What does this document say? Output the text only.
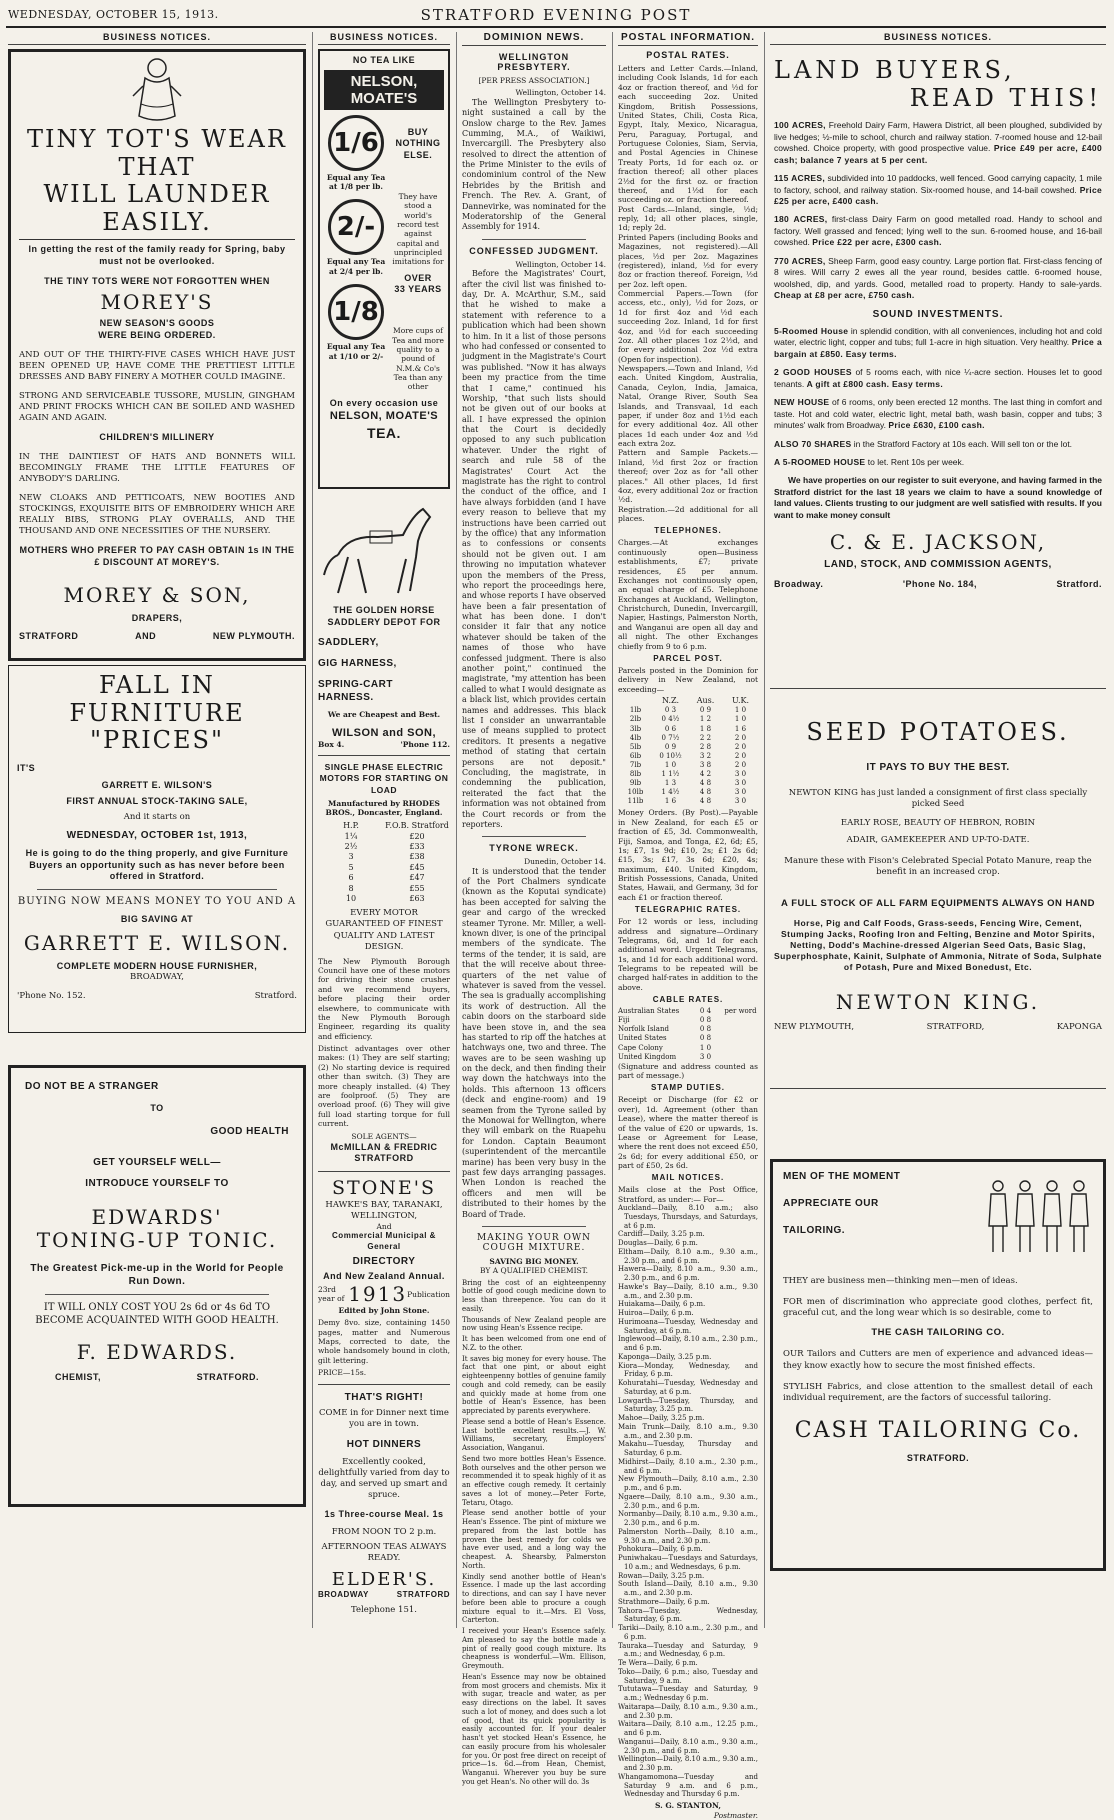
WEDNESDAY, OCTOBER 15, 1913.	STRATFORD EVENING POST
BUSINESS NOTICES.
TINY TOT'S WEAR THAT
WILL LAUNDER EASILY.
In getting the rest of the family ready for Spring, baby must not be overlooked.
THE TINY TOTS WERE NOT FORGOTTEN WHEN
MOREY'S
NEW SEASON'S GOODS
WERE BEING ORDERED.
AND OUT OF THE THIRTY-FIVE CASES WHICH HAVE JUST BEEN OPENED UP, HAVE COME THE PRETTIEST LITTLE DRESSES AND BABY FINERY A MOTHER COULD IMAGINE.
STRONG AND SERVICEABLE TUSSORE, MUSLIN, GINGHAM AND PRINT FROCKS WHICH CAN BE SOILED AND WASHED AGAIN AND AGAIN.
CHILDREN'S MILLINERY
IN THE DAINTIEST OF HATS AND BONNETS WILL BECOMINGLY FRAME THE LITTLE FEATURES OF ANYBODY'S DARLING.
NEW CLOAKS AND PETTICOATS, NEW BOOTIES AND STOCKINGS, EXQUISITE BITS OF EMBROIDERY WHICH ARE REALLY BIBS, STRONG PLAY OVERALLS, AND THE THOUSAND AND ONE NECESSITIES OF THE NURSERY.
MOTHERS WHO PREFER TO PAY CASH OBTAIN 1s IN THE £ DISCOUNT AT MOREY'S.
MOREY & SON,
DRAPERS,
STRATFORD	AND	NEW PLYMOUTH.
FALL IN FURNITURE
"PRICES"
IT'S
GARRETT E. WILSON'S
FIRST ANNUAL STOCK-TAKING SALE,
And it starts on
WEDNESDAY, OCTOBER 1st, 1913,
He is going to do the thing properly, and give Furniture Buyers an opportunity such as has never before been offered in Stratford.
BUYING NOW MEANS MONEY TO YOU AND A
BIG SAVING AT
GARRETT E. WILSON.
COMPLETE MODERN HOUSE FURNISHER,
BROADWAY,
'Phone No. 152.	Stratford.
DO NOT BE A STRANGER
TO
GOOD HEALTH
GET YOURSELF WELL—
INTRODUCE YOURSELF TO
EDWARDS'
TONING-UP TONIC.
The Greatest Pick-me-up in the World for People Run Down.
IT WILL ONLY COST YOU 2s 6d or 4s 6d TO BECOME ACQUAINTED WITH GOOD HEALTH.
F. EDWARDS.
CHEMIST,	STRATFORD.
BUSINESS NOTICES.
NO TEA LIKE
NELSON, MOATE'S
1/6
Equal any Tea at 1/8 per lb.
2/-
Equal any Tea at 2/4 per lb.
1/8
Equal any Tea at 1/10 or 2/-
BUY NOTHING ELSE.
They have stood a world's record test against capital and unprincipled imitations for
OVER
33 YEARS
More cups of Tea and more quality to a pound of N.M.& Co's Tea than any other
On every occasion use
NELSON, MOATE'S
TEA.
THE GOLDEN HORSE SADDLERY DEPOT FOR
SADDLERY,
GIG HARNESS,
SPRING-CART HARNESS.
We are Cheapest and Best.
WILSON and SON,
Box 4.	'Phone 112.
SINGLE PHASE ELECTRIC MOTORS FOR STARTING ON LOAD
Manufactured by RHODES BROS., Doncaster, England.
H.P.	F.O.B. Stratford
1¼	£20
2½	£33
3	£38
5	£45
6	£47
8	£55
10	£63
EVERY MOTOR GUARANTEED OF FINEST QUALITY AND LATEST DESIGN.
The New Plymouth Borough Council have one of these motors for driving their stone crusher and we recommend buyers, before placing their order elsewhere, to communicate with the New Plymouth Borough Engineer, regarding its quality and efficiency.
Distinct advantages over other makes: (1) They are self starting; (2) No starting device is required other than switch. (3) They are more cheaply installed. (4) They are foolproof. (5) They are overload proof. (6) They will give full load starting torque for full current.
SOLE AGENTS—
McMILLAN & FREDRIC
STRATFORD
STONE'S
HAWKE'S BAY, TARANAKI, WELLINGTON,
And
Commercial Municipal & General
DIRECTORY
And New Zealand Annual.
23rd year of 1913 Publication
Edited by John Stone.
Demy 8vo. size, containing 1450 pages, matter and Numerous Maps, corrected to date, the whole handsomely bound in cloth, gilt lettering.
PRICE—15s.
THAT'S RIGHT!
COME in for Dinner next time you are in town.
HOT DINNERS
Excellently cooked, delightfully varied from day to day, and served up smart and spruce.
1s Three-course Meal. 1s
FROM NOON TO 2 p.m.
AFTERNOON TEAS ALWAYS READY.
ELDER'S.
BROADWAY	STRATFORD
Telephone 151.
DOMINION NEWS.
WELLINGTON PRESBYTERY.
[PER PRESS ASSOCIATION.]
Wellington, October 14.
The Wellington Presbytery to-night sustained a call by the Onslow charge to the Rev. James Cumming, M.A., of Waikiwi, Invercargill. The Presbytery also resolved to direct the attention of the Prime Minister to the evils of condominium control of the New Hebrides by the British and French. The Rev. A. Grant, of Dannevirke, was nominated for the Moderatorship of the General Assembly for 1914.
CONFESSED JUDGMENT.
Wellington, October 14.
Before the Magistrates' Court, after the civil list was finished to-day, Dr. A. McArthur, S.M., said that he wished to make a statement with reference to a publication which had been shown to him. In it a list of those persons who had confessed or consented to judgment in the Magistrate's Court was published. "Now it has always been my practice from the time that I came," continued his Worship, "that such lists should not be given out of our books at all. I have expressed the opinion that the Court is decidedly opposed to any such publication whatever. Under the right of search and rule 58 of the Magistrates' Court Act the magistrate has the right to control the conduct of the office, and I have always forbidden (and I have every reason to believe that my instructions have been carried out by the office) that any information as to confessions or consents should not be given out. I am throwing no imputation whatever upon the members of the Press, who report the proceedings here, and whose reports I have observed have been a fair presentation of what has been done. I don't consider it fair that any notice whatever should be taken of the names of those who have confessed judgment. There is also another point," continued the magistrate, "my attention has been called to what I would designate as a black list, which provides certain names and addresses. This black list I consider an unwarrantable use of means supplied to protect creditors. It presents a negative method of stating that certain persons are not deposit." Concluding, the magistrate, in condemning the publication, reiterated the fact that the information was not obtained from the Court records or from the reporters.
TYRONE WRECK.
Dunedin, October 14.
It is understood that the tender of the Port Chalmers syndicate (known as the Koputai syndicate) has been accepted for salving the gear and cargo of the wrecked steamer Tyrone. Mr. Miller, a well-known diver, is one of the principal members of the syndicate. The terms of the tender, it is said, are that the will receive about three-quarters of the net value of whatever is saved from the vessel. The sea is gradually accomplishing its work of destruction. All the cabin doors on the starboard side have been stove in, and the sea has started to rip off the hatches at hatchways one, two and three. The waves are to be seen washing up on the deck, and then finding their way down the hatchways into the holds. This afternoon 13 officers (deck and engine-room) and 19 seamen from the Tyrone sailed by the Monowai for Wellington, where they will embark on the Ruapehu for London. Captain Beaumont (superintendent of the mercantile marine) has been very busy in the past few days arranging passages. When London is reached the officers and men will be distributed to their homes by the Board of Trade.
MAKING YOUR OWN COUGH MIXTURE.
SAVING BIG MONEY.
BY A QUALIFIED CHEMIST.
Bring the cost of an eighteenpenny bottle of good cough medicine down to less than threepence. You can do it easily.
Thousands of New Zealand people are now using Hean's Essence recipe.
It has been welcomed from one end of N.Z. to the other.
It saves big money for every house. The fact that one pint, or about eight eighteenpenny bottles of genuine family cough and cold remedy, can be easily and quickly made at home from one bottle of Hean's Essence, has been appreciated by parents everywhere.
Please send a bottle of Hean's Essence. Last bottle excellent results.—J. W. Williams, secretary, Employers' Association, Wanganui.
Send two more bottles Hean's Essence. Both ourselves and the other person we recommended it to speak highly of it as an effective cough remedy. It certainly saves a lot of money.—Peter Forte, Tetaru, Otago.
Please send another bottle of your Hean's Essence. The pint of mixture we prepared from the last bottle has proven the best remedy for colds we have ever used, and a long way the cheapest. A. Shearsby, Palmerston North.
Kindly send another bottle of Hean's Essence. I made up the last according to directions, and can say I have never before been able to procure a cough mixture equal to it.—Mrs. El Voss, Carterton.
I received your Hean's Essence safely. Am pleased to say the bottle made a pint of really good cough mixture. Its cheapness is wonderful.—Wm. Ellison, Greymouth.
Hean's Essence may now be obtained from most grocers and chemists. Mix it with sugar, treacle and water, as per easy directions on the label. It saves such a lot of money, and does such a lot of good, that its quick popularity is easily accounted for. If your dealer hasn't yet stocked Hean's Essence, he can easily procure from his wholesaler for you. Or post free direct on receipt of price—1s. 6d.—from Hean, Chemist, Wanganui. Wherever you buy be sure you get Hean's. No other will do. 3s
POSTAL INFORMATION.
POSTAL RATES.
Letters and Letter Cards.—Inland, including Cook Islands, 1d for each 4oz or fraction thereof, and ½d for each succeeding 2oz. United Kingdom, British Possessions, United States, Chili, Costa Rica, Egypt, Italy, Mexico, Nicaragua, Peru, Paraguay, Portugal, and Portuguese Colonies, Siam, Servia, and Postal Agencies in Chinese Treaty Ports, 1d for each oz. or fraction thereof; all other places 2½d for the first oz. or fraction thereof, and 1½d for each succeeding oz. or fraction thereof.
Post Cards.—Inland, single, ½d; reply, 1d; all other places, single, 1d; reply 2d.
Printed Papers (including Books and Magazines, not registered).—All places, ½d per 2oz. Magazines (registered), inland, ½d for every 8oz or fraction thereof. Foreign, ½d per 2oz. left open.
Commercial Papers.—Town (for access, etc., only), ½d for 2ozs, or 1d for first 4oz and ½d each succeeding 2oz. Inland, 1d for first 4oz, and ½d for each succeeding 2oz. All other places 1oz 2½d, and for every additional 2oz ½d extra (Open for inspection).
Newspapers.—Town and Inland, ½d each. United Kingdom, Australia, Canada, Ceylon, India, Jamaica, Natal, Orange River, South Sea Islands, and Transvaal, 1d each paper, if under 8oz and 1½d each for every additional 4oz. All other places 1d each under 4oz and ½d each extra 2oz.
Pattern and Sample Packets.—Inland, ½d first 2oz or fraction thereof; over 2oz as for "all other places." All other places, 1d first 4oz, every additional 2oz or fraction ½d.
Registration.—2d additional for all places.
TELEPHONES.
Charges.—At exchanges continuously open—Business establishments, £7; private residences, £5 per annum. Exchanges not continuously open, an equal charge of £5. Telephone Exchanges at Auckland, Wellington, Christchurch, Dunedin, Invercargill, Napier, Hastings, Palmerston North, and Wanganui are open all day and all night. The other Exchanges chiefly from 9 to 6 p.m.
PARCEL POST.
Parcels posted in the Dominion for delivery in New Zealand, not exceeding—
N.Z.	Aus.	U.K.
1lb	0 3	0 9	1 0
2lb	0 4½	1 2	1 0
3lb	0 6	1 8	1 6
4lb	0 7½	2 2	2 0
5lb	0 9	2 8	2 0
6lb	0 10½	3 2	2 0
7lb	1 0	3 8	2 0
8lb	1 1½	4 2	3 0
9lb	1 3	4 8	3 0
10lb	1 4½	4 8	3 0
11lb	1 6	4 8	3 0
Money Orders. (By Post).—Payable in New Zealand, for each £5 or fraction of £5, 3d. Commonwealth, Fiji, Samoa, and Tonga, £2, 6d; £5, 1s; £7, 1s 9d; £10, 2s; £1 2s 6d; £15, 3s; £17, 3s 6d; £20, 4s; maximum, £40. United Kingdom, British Possessions, Canada, United States, Hawaii, and Germany, 3d for each £1 or fraction thereof.
TELEGRAPHIC RATES.
For 12 words or less, including address and signature—Ordinary Telegrams, 6d, and 1d for each additional word. Urgent Telegrams, 1s, and 1d for each additional word. Telegrams to be repeated will be charged half-rates in addition to the above.
CABLE RATES.
Australian States	0 4	per word
Fiji	0 8
Norfolk Island	0 8
United States	0 8
Cape Colony	1 0
United Kingdom	3 0
(Signature and address counted as part of message.)
STAMP DUTIES.
Receipt or Discharge (for £2 or over), 1d. Agreement (other than Lease), where the matter thereof is of the value of £20 or upwards, 1s. Lease or Agreement for Lease, where the rent does not exceed £50, 2s 6d; for every additional £50, or part of £50, 2s 6d.
MAIL NOTICES.
Mails close at the Post Office, Stratford, as under:— For—
Auckland—Daily, 8.10 a.m.; also Tuesdays, Thursdays, and Saturdays, at 6 p.m.
Cardiff—Daily, 3.25 p.m.
Douglas—Daily, 6 p.m.
Eltham—Daily, 8.10 a.m., 9.30 a.m., 2.30 p.m., and 6 p.m.
Hawera—Daily, 8.10 a.m., 9.30 a.m., 2.30 p.m., and 6 p.m.
Hawke's Bay—Daily, 8.10 a.m., 9.30 a.m., and 2.30 p.m.
Huiakama—Daily, 6 p.m.
Huiroa—Daily, 6 p.m.
Hurimoana—Tuesday, Wednesday and Saturday, at 6 p.m.
Inglewood—Daily, 8.10 a.m., 2.30 p.m., and 6 p.m.
Kaponga—Daily, 3.25 p.m.
Kiora—Monday, Wednesday, and Friday, 6 p.m.
Kohuratahi—Tuesday, Wednesday and Saturday, at 6 p.m.
Lowgarth—Tuesday, Thursday, and Saturday, 3.25 p.m.
Mahoe—Daily, 3.25 p.m.
Main Trunk—Daily, 8.10 a.m., 9.30 a.m., and 2.30 p.m.
Makahu—Tuesday, Thursday and Saturday, 6 p.m.
Midhirst—Daily, 8.10 a.m., 2.30 p.m., and 6 p.m.
New Plymouth—Daily, 8.10 a.m., 2.30 p.m., and 6 p.m.
Ngaere—Daily, 8.10 a.m., 9.30 a.m., 2.30 p.m., and 6 p.m.
Normanby—Daily, 8.10 a.m., 9.30 a.m., 2.30 p.m., and 6 p.m.
Palmerston North—Daily, 8.10 a.m., 9.30 a.m., and 2.30 p.m.
Pohokura—Daily, 6 p.m.
Puniwhakau—Tuesdays and Saturdays, 10 a.m.; and Wednesdays, 6 p.m.
Rowan—Daily, 3.25 p.m.
South Island—Daily, 8.10 a.m., 9.30 a.m., and 2.30 p.m.
Strathmore—Daily, 6 p.m.
Tahora—Tuesday, Wednesday, Saturday, 6 p.m.
Tariki—Daily, 8.10 a.m., 2.30 p.m., and 6 p.m.
Tauraka—Tuesday and Saturday, 9 a.m.; and Wednesday, 6 p.m.
Te Wera—Daily, 6 p.m.
Toko—Daily, 6 p.m.; also, Tuesday and Saturday, 9 a.m.
Tututawa—Tuesday and Saturday, 9 a.m.; Wednesday 6 p.m.
Waitarapa—Daily, 8.10 a.m., 9.30 a.m., and 2.30 p.m.
Waitara—Daily, 8.10 a.m., 12.25 p.m., and 6 p.m.
Wanganui—Daily, 8.10 a.m., 9.30 a.m., 2.30 p.m., and 6 p.m.
Wellington—Daily, 8.10 a.m., 9.30 a.m., and 2.30 p.m.
Whangamomona—Tuesday and Saturday 9 a.m. and 6 p.m., Wednesday and Thursday 6 p.m.
S. G. STANTON,
Postmaster.
BUSINESS NOTICES.
LAND BUYERS,
READ THIS!
100 ACRES, Freehold Dairy Farm, Hawera District, all been ploughed, subdivided by live hedges; ½-mile to school, church and railway station. 7-roomed house and 12-bail cowshed. Choice property, with good prospective value. Price £49 per acre, £400 cash; balance 7 years at 5 per cent.
115 ACRES, subdivided into 10 paddocks, well fenced. Good carrying capacity, 1 mile to factory, school, and railway station. Six-roomed house, and 14-bail cowshed. Price £25 per acre, £400 cash.
180 ACRES, first-class Dairy Farm on good metalled road. Handy to school and factory. Well grassed and fenced; lying well to the sun. 6-roomed house, and 16-bail cowshed. Price £22 per acre, £300 cash.
770 ACRES, Sheep Farm, good easy country. Large portion flat. First-class fencing of 8 wires. Will carry 2 ewes all the year round, besides cattle. 6-roomed house, woolshed, dip, and yards. Good, metalled road to property. Handy to sale-yards. Cheap at £8 per acre, £750 cash.
SOUND INVESTMENTS.
5-Roomed House in splendid condition, with all conveniences, including hot and cold water, electric light, copper and tubs; full 1-acre in high situation. Very healthy. Price a bargain at £850. Easy terms.
2 GOOD HOUSES of 5 rooms each, with nice ¼-acre section. Houses let to good tenants. A gift at £800 cash. Easy terms.
NEW HOUSE of 6 rooms, only been erected 12 months. The last thing in comfort and taste. Hot and cold water, electric light, metal bath, wash basin, copper and tubs; 3 minutes' walk from Broadway. Price £630, £100 cash.
ALSO 70 SHARES in the Stratford Factory at 10s each. Will sell ton or the lot.
A 5-ROOMED HOUSE to let. Rent 10s per week.
We have properties on our register to suit everyone, and having farmed in the Stratford district for the last 18 years we claim to have a sound knowledge of land values. Clients trusting to our judgment are well satisfied with results. If you want to make money consult
C. & E. JACKSON,
LAND, STOCK, AND COMMISSION AGENTS,
Broadway.	'Phone No. 184,	Stratford.
SEED POTATOES.
IT PAYS TO BUY THE BEST.
NEWTON KING has just landed a consignment of first class specially picked Seed
EARLY ROSE, BEAUTY OF HEBRON, ROBIN
ADAIR, GAMEKEEPER AND UP-TO-DATE.
Manure these with Fison's Celebrated Special Potato Manure, reap the benefit in an increased crop.
A FULL STOCK OF ALL FARM EQUIPMENTS ALWAYS ON HAND
Horse, Pig and Calf Foods, Grass-seeds, Fencing Wire, Cement, Stumping Jacks, Roofing Iron and Felting, Benzine and Motor Spirits, Netting, Dodd's Machine-dressed Algerian Seed Oats, Basic Slag, Superphosphate, Kainit, Sulphate of Ammonia, Nitrate of Soda, Sulphate of Potash, Pure and Mixed Bonedust, Etc.
NEWTON KING.
NEW PLYMOUTH,	STRATFORD,	KAPONGA
MEN OF THE MOMENT
APPRECIATE OUR
TAILORING.
THEY are business men—thinking men—men of ideas.
FOR men of discrimination who appreciate good clothes, perfect fit, graceful cut, and the long wear which is so desirable, come to
THE CASH TAILORING CO.
OUR Tailors and Cutters are men of experience and advanced ideas—they know exactly how to secure the most finished effects.
STYLISH Fabrics, and close attention to the smallest detail of each individual requirement, are the factors of successful tailoring.
CASH TAILORING Co.
STRATFORD.
